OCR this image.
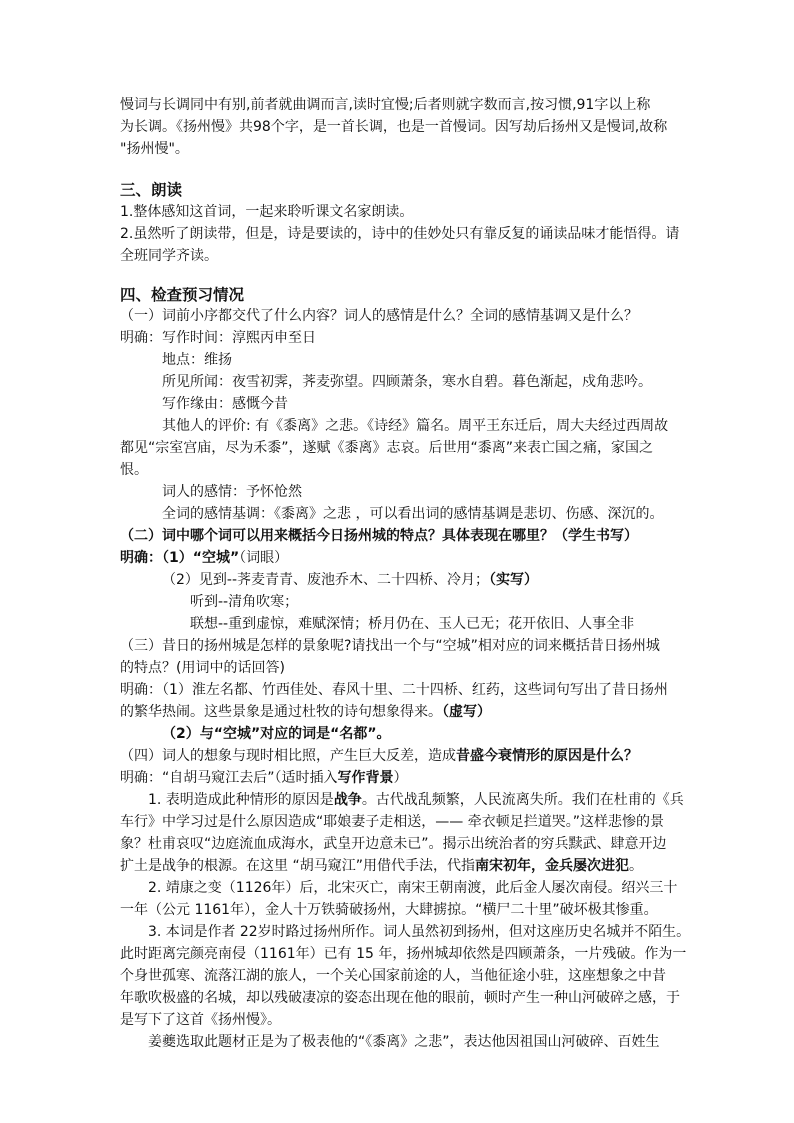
慢词与长调同中有别,前者就曲调而言,读时宜慢;后者则就字数而言,按习惯,91字以上称
为长调。《扬州慢》共98个字，是一首长调，也是一首慢词。因写劫后扬州又是慢词,故称
"扬州慢"。
三、朗读
1.整体感知这首词，一起来聆听课文名家朗读。
2.虽然听了朗读带，但是，诗是要读的，诗中的佳妙处只有靠反复的诵读品味才能悟得。请
全班同学齐读。
四、检查预习情况
（一）词前小序都交代了什么内容？词人的感情是什么？全词的感情基调又是什么？
明确：写作时间：淳熙丙申至日
地点：维扬
所见所闻：夜雪初霁，荠麦弥望。四顾萧条，寒水自碧。暮色渐起，戍角悲吟。
写作缘由：感慨今昔
其他人的评价: 有《黍离》之悲。《诗经》篇名。周平王东迁后，周大夫经过西周故
都见“宗室宫庙，尽为禾黍”，遂赋《黍离》志哀。后世用“黍离”来表亡国之痛，家国之
恨。
词人的感情：予怀怆然
全词的感情基调：《黍离》之悲 ，可以看出词的感情基调是悲切、伤感、深沉的。
（二）词中哪个词可以用来概括今日扬州城的特点？具体表现在哪里？（学生书写）
明确：（1）“空城”（词眼）
（2）见到--荠麦青青、废池乔木、二十四桥、冷月；（实写）
听到--清角吹寒；
联想--重到虚惊，难赋深情；桥月仍在、玉人已无；花开依旧、人事全非
（三）昔日的扬州城是怎样的景象呢?请找出一个与“空城”相对应的词来概括昔日扬州城
的特点？(用词中的话回答)
明确：（1）淮左名都、竹西佳处、春风十里、二十四桥、红药，这些词句写出了昔日扬州
的繁华热闹。这些景象是通过杜牧的诗句想象得来。（虚写）
（2）与“空城”对应的词是“名都”。
（四）词人的想象与现时相比照，产生巨大反差，造成昔盛今衰情形的原因是什么？
明确：“自胡马窥江去后”（适时插入写作背景）
1. 表明造成此种情形的原因是战争。古代战乱频繁，人民流离失所。我们在杜甫的《兵
车行》中学习过是什么原因造成“耶娘妻子走相送，—— 牵衣顿足拦道哭。”这样悲惨的景
象？杜甫哀叹“边庭流血成海水，武皇开边意未已”。揭示出统治者的穷兵黩武、肆意开边
扩土是战争的根源。在这里 “胡马窥江”用借代手法，代指南宋初年，金兵屡次进犯。
2. 靖康之变（1126年）后，北宋灭亡，南宋王朝南渡，此后金人屡次南侵。绍兴三十
一年（公元 1161年），金人十万铁骑破扬州，大肆掳掠。“横尸二十里”破坏极其惨重。
3. 本词是作者 22岁时路过扬州所作。词人虽然初到扬州，但对这座历史名城并不陌生。
此时距离完颜亮南侵（1161年）已有 15 年，扬州城却依然是四顾萧条，一片残破。作为一
个身世孤寒、流落江湖的旅人，一个关心国家前途的人，当他征途小驻，这座想象之中昔
年歌吹极盛的名城，却以残破凄凉的姿态出现在他的眼前，顿时产生一种山河破碎之感，于
是写下了这首《扬州慢》。
姜夔选取此题材正是为了极表他的“《黍离》之悲”，表达他因祖国山河破碎、百姓生
